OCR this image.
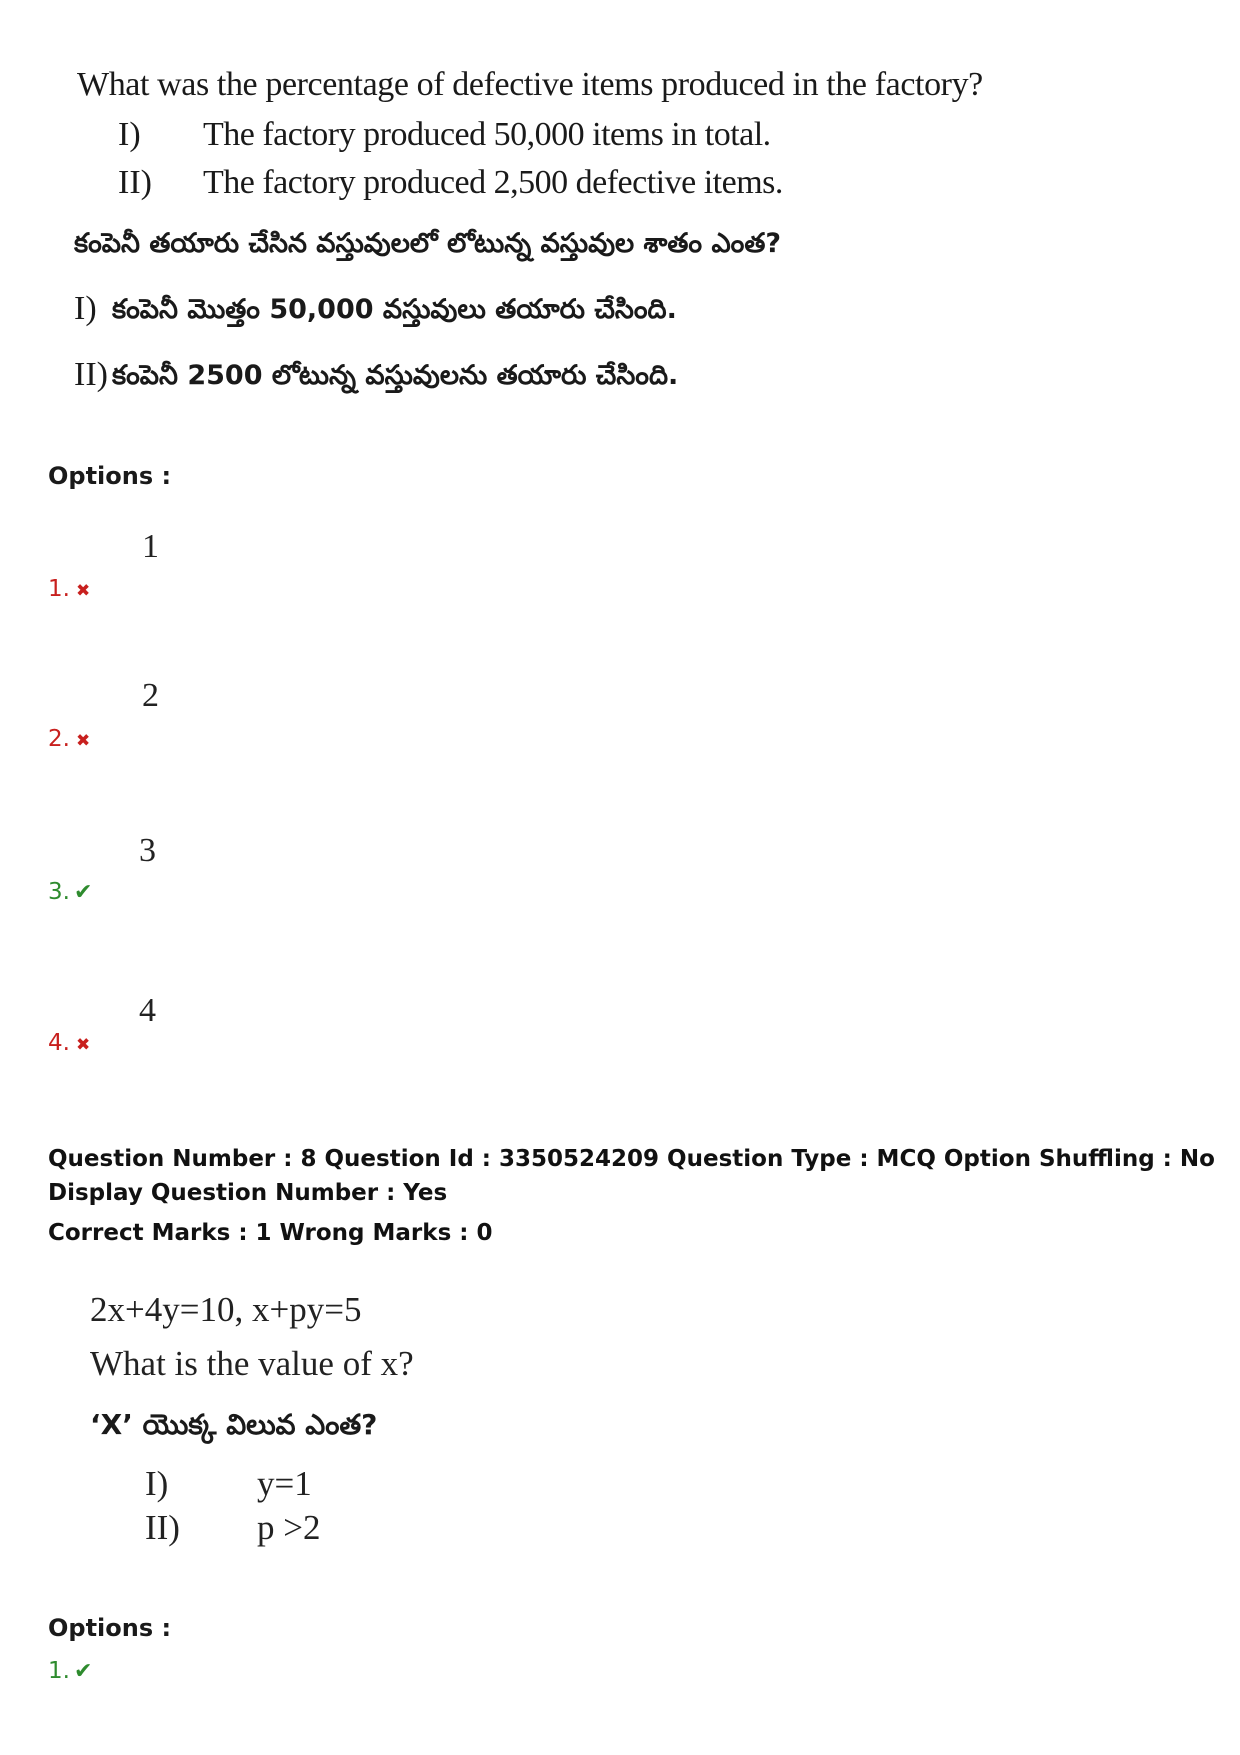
What was the percentage of defective items produced in the factory?
I) The factory produced 50,000 items in total.
II) The factory produced 2,500 defective items.
కంపెనీ తయారు చేసిన వస్తువులలో లోటున్న వస్తువుల శాతం ఎంత?
I) కంపెనీ మొత్తం 50,000 వస్తువులు తయారు చేసింది.
II) కంపెనీ 2500 లోటున్న వస్తువులను తయారు చేసింది.
Options :
1
1. ✖
2
2. ✖
3
3. ✔
4
4. ✖
Question Number : 8 Question Id : 3350524209 Question Type : MCQ Option Shuffling : No
Display Question Number : Yes
Correct Marks : 1 Wrong Marks : 0
2x+4y=10, x+py=5
What is the value of x?
‘X’ యొక్క విలువ ఎంత?
I)	y=1
II) p >2
Options :
1. ✔
